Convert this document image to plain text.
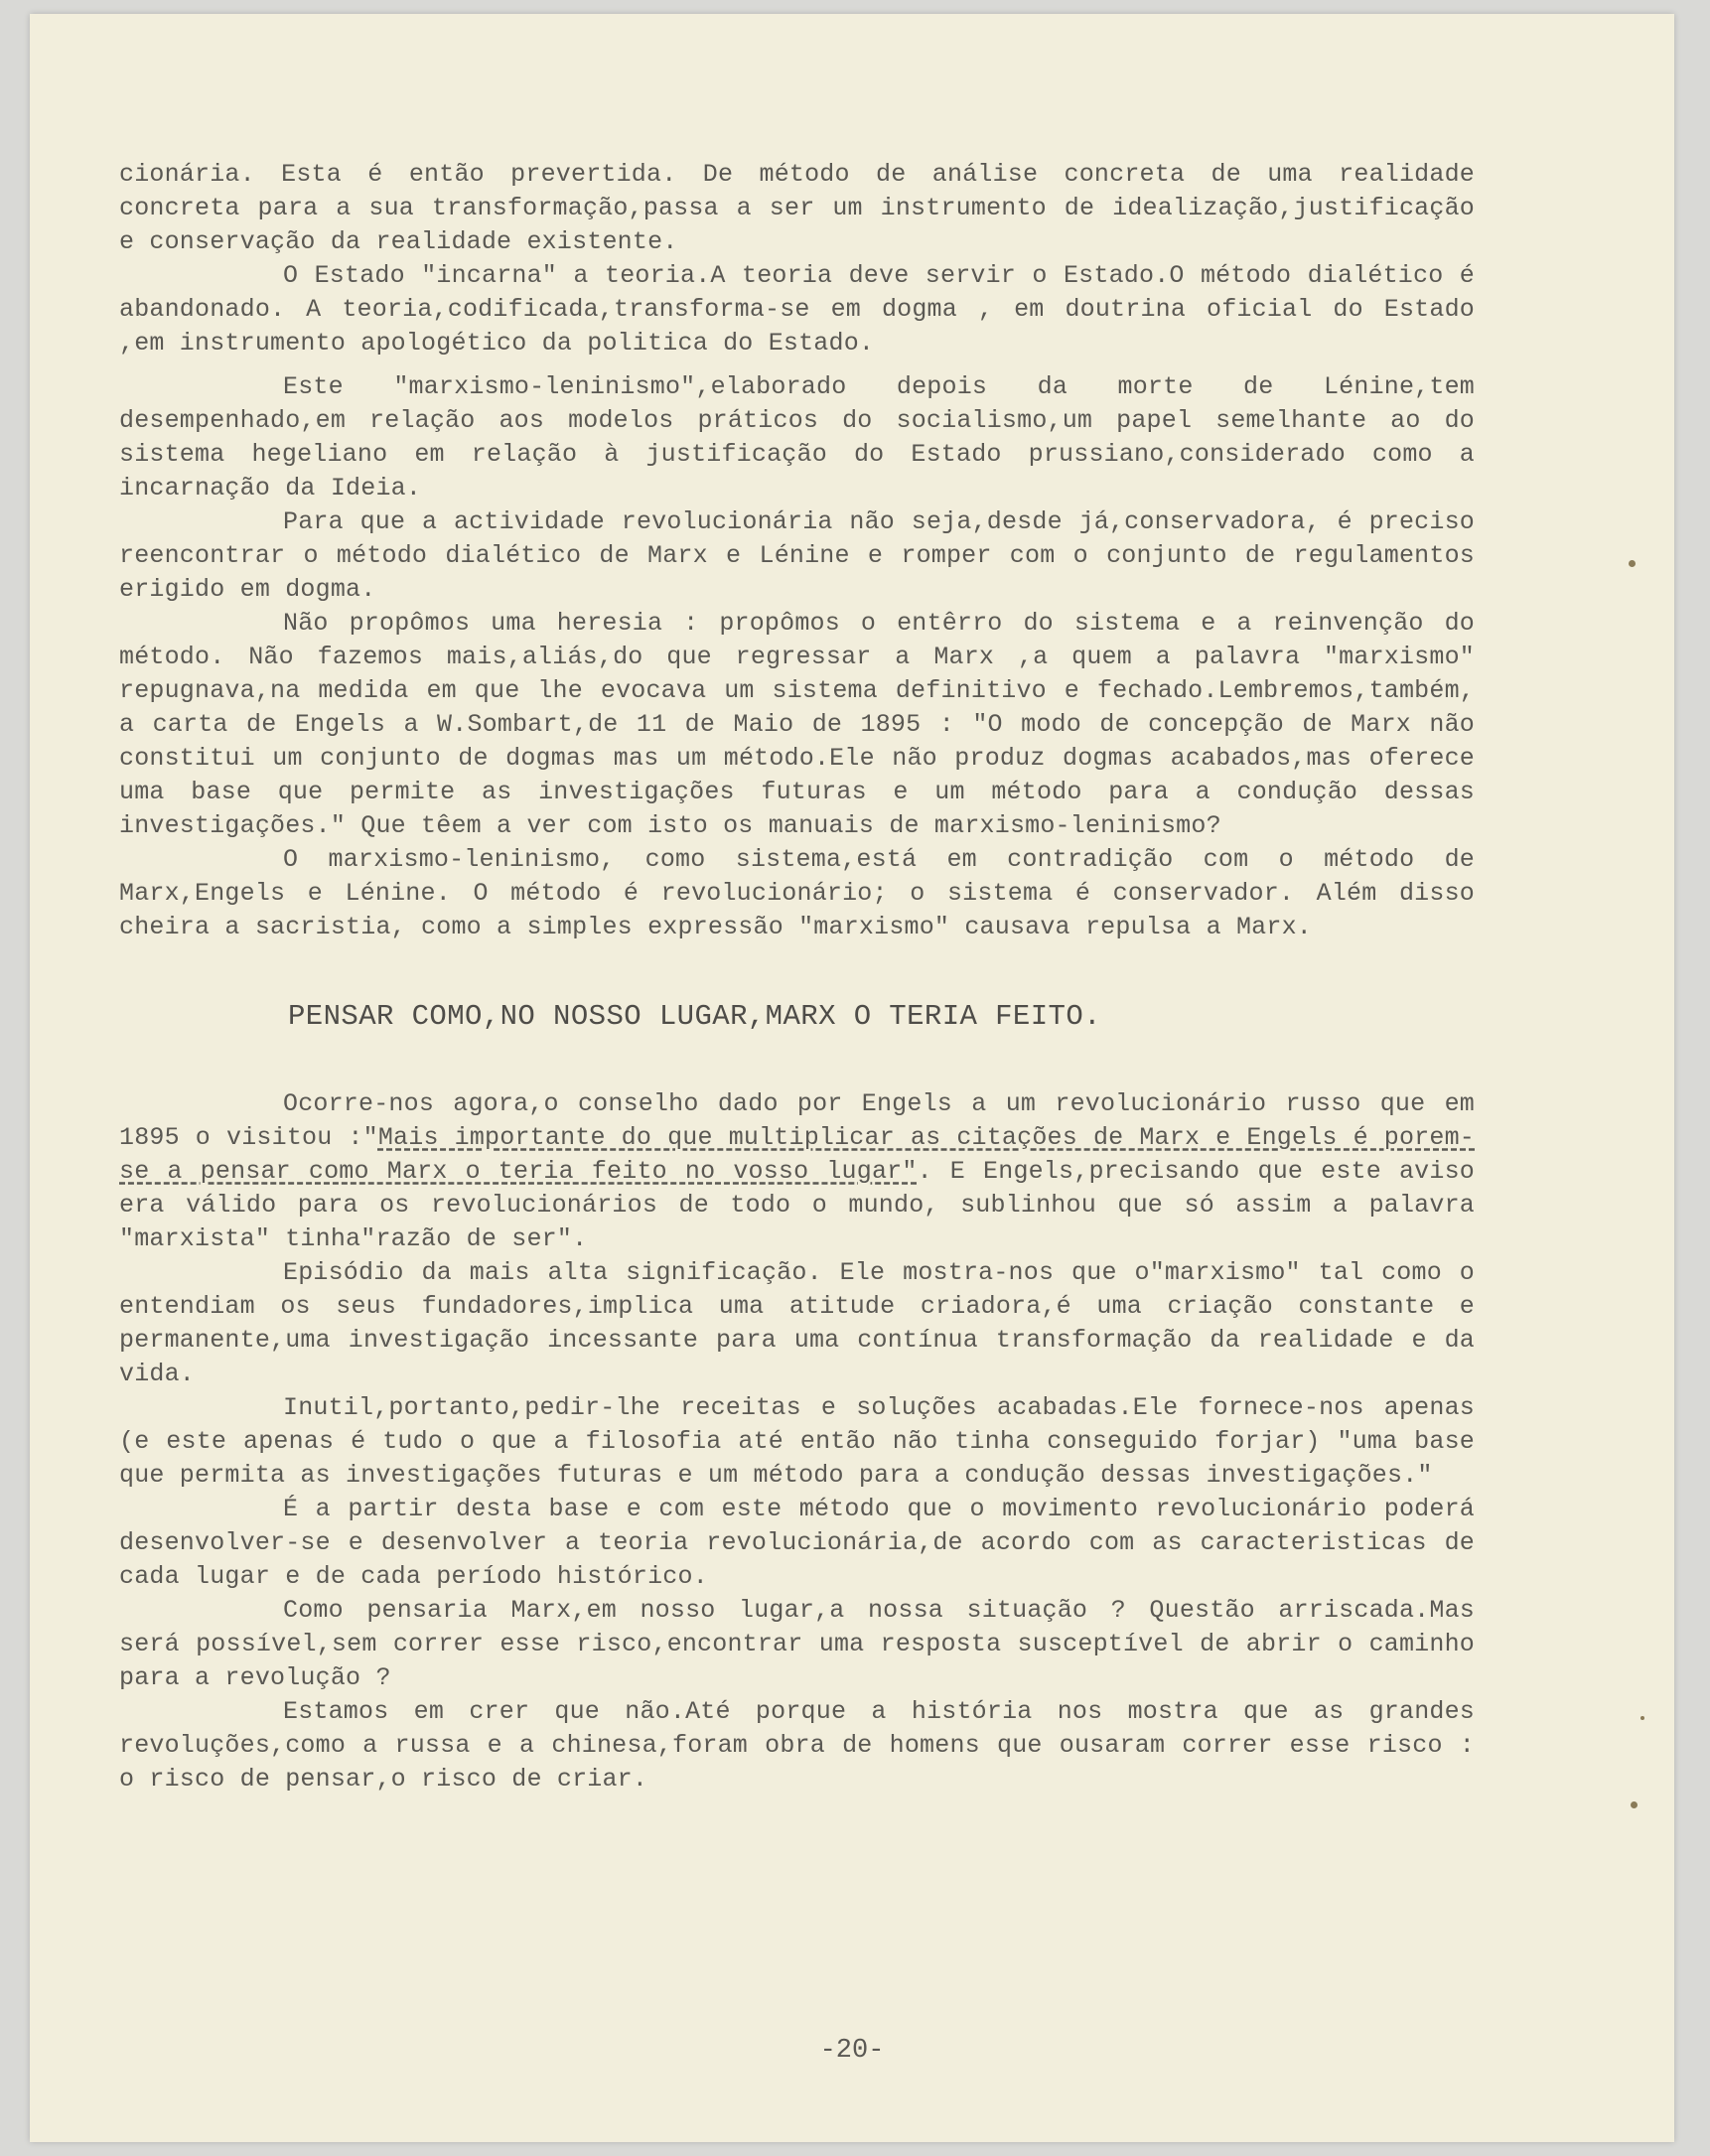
cionária. Esta é então prevertida. De método de análise concreta de uma realidade concreta para a sua transformação,passa a ser um instrumento de idealização,justificação e conservação da realidade existente.

O Estado "incarna" a teoria.A teoria deve servir o Estado.O método dialético é abandonado. A teoria,codificada,transforma-se em dogma , em doutrina oficial do Estado ,em instrumento apologético da politica do Estado.

Este "marxismo-leninismo",elaborado depois da morte de Lénine,tem desempenhado,em relação aos modelos práticos do socialismo,um papel semelhante ao do sistema hegeliano em relação à justificação do Estado prussiano,considerado como a incarnação da Ideia.

Para que a actividade revolucionária não seja,desde já,conservadora, é preciso reencontrar o método dialético de Marx e Lénine e romper com o conjunto de regulamentos erigido em dogma.

Não propômos uma heresia : propômos o entêrro do sistema e a reinvenção do método. Não fazemos mais,aliás,do que regressar a Marx ,a quem a palavra "marxismo" repugnava,na medida em que lhe evocava um sistema definitivo e fechado.Lembremos,também, a carta de Engels a W.Sombart,de 11 de Maio de 1895 : "O modo de concepção de Marx não constitui um conjunto de dogmas mas um método.Ele não produz dogmas acabados,mas oferece uma base que permite as investigações futuras e um método para a condução dessas investigações." Que têem a ver com isto os manuais de marxismo-leninismo?

O marxismo-leninismo, como sistema,está em contradição com o método de Marx,Engels e Lénine. O método é revolucionário; o sistema é conservador. Além disso cheira a sacristia, como a simples expressão "marxismo" causava repulsa a Marx.

PENSAR COMO,NO NOSSO LUGAR,MARX O TERIA FEITO.

Ocorre-nos agora,o conselho dado por Engels a um revolucionário russo que em 1895 o visitou :"Mais importante do que multiplicar as citações de Marx e Engels é porem-se a pensar como Marx o teria feito no vosso lugar". E Engels,precisando que este aviso era válido para os revolucionários de todo o mundo, sublinhou que só assim a palavra "marxista" tinha"razão de ser".

Episódio da mais alta significação. Ele mostra-nos que o"marxismo" tal como o entendiam os seus fundadores,implica uma atitude criadora,é uma criação constante e permanente,uma investigação incessante para uma contínua transformação da realidade e da vida.

Inutil,portanto,pedir-lhe receitas e soluções acabadas.Ele fornece-nos apenas (e este apenas é tudo o que a filosofia até então não tinha conseguido forjar) "uma base que permita as investigações futuras e um método para a condução dessas investigações."

É a partir desta base e com este método que o movimento revolucionário poderá desenvolver-se e desenvolver a teoria revolucionária,de acordo com as caracteristicas de cada lugar e de cada período histórico.

Como pensaria Marx,em nosso lugar,a nossa situação ? Questão arriscada.Mas será possível,sem correr esse risco,encontrar uma resposta susceptível de abrir o caminho para a revolução ?

Estamos em crer que não.Até porque a história nos mostra que as grandes revoluções,como a russa e a chinesa,foram obra de homens que ousaram correr esse risco : o risco de pensar,o risco de criar.

-20-
